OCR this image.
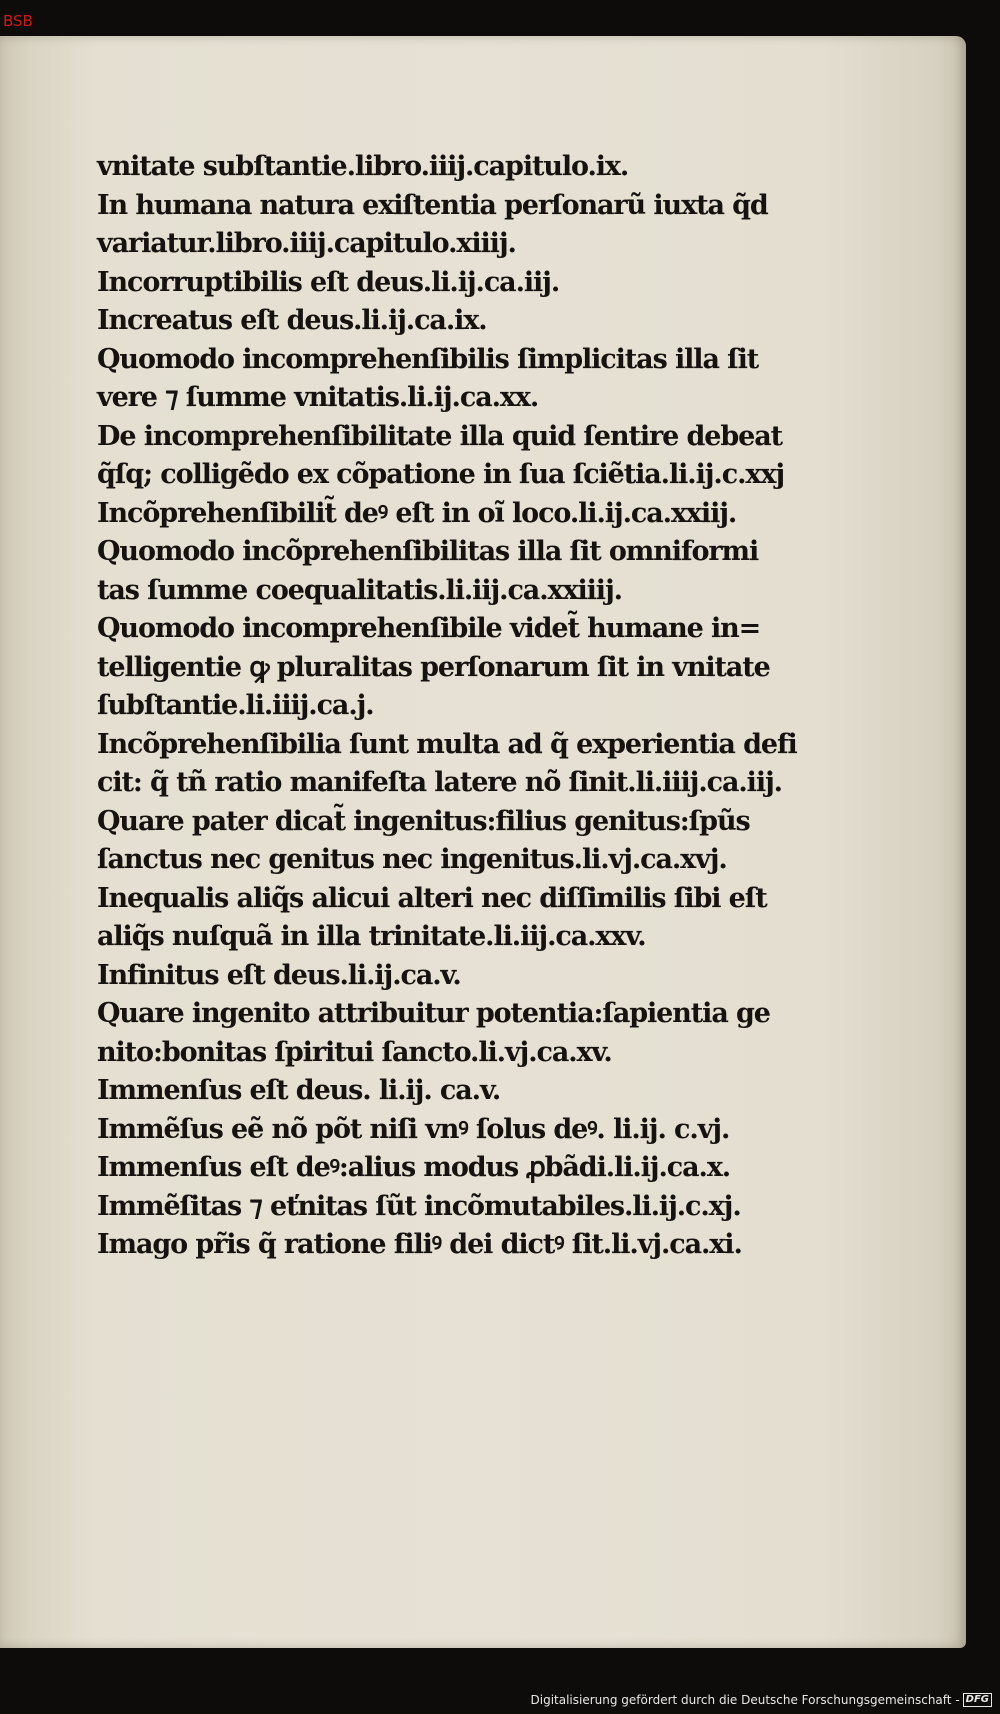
BSB
vnitate subſtantie.libro.iiij.capitulo.ix.
In humana natura exiſtentia perſonarũ iuxta q̃d
variatur.libro.iiij.capitulo.xiiij.
Incorruptibilis eſt deus.li.ij.ca.iij.
Increatus eſt deus.li.ij.ca.ix.
Quomodo incomprehenſibilis ſimplicitas illa ſit
vere ⁊ ſumme vnitatis.li.ij.ca.xx.
De incomprehenſibilitate illa quid ſentire debeat
q̃ſq; colligẽdo ex cõpatione in ſua ſciẽtia.li.ij.c.xxj
Incõprehenſibilit̃ deꝰ eſt in oĩ loco.li.ij.ca.xxiij.
Quomodo incõprehenſibilitas illa ſit omniformi
tas ſumme coequalitatis.li.iij.ca.xxiiij.
Quomodo incomprehenſibile videt̃ humane in=
telligentie ꝙ pluralitas perſonarum ſit in vnitate
ſubſtantie.li.iiij.ca.j.
Incõprehenſibilia ſunt multa ad q̃ experientia defi
cit: q̃ tñ ratio manifeſta latere nõ ſinit.li.iiij.ca.iij.
Quare pater dicat̃ ingenitus:filius genitus:ſpũs
ſanctus nec genitus nec ingenitus.li.vj.ca.xvj.
Inequalis aliq̃s alicui alteri nec diſſimilis ſibi eſt
aliq̃s nuſquã in illa trinitate.li.iij.ca.xxv.
Infinitus eſt deus.li.ij.ca.v.
Quare ingenito attribuitur potentia:ſapientia ge
nito:bonitas ſpiritui ſancto.li.vj.ca.xv.
Immenſus eſt deus. li.ij. ca.v.
Immẽſus eẽ nõ põt niſi vnꝰ ſolus deꝰ. li.ij. c.vj.
Immenſus eſt deꝰ:alius modus ꝓbãdi.li.ij.ca.x.
Immẽſitas ⁊ eťnitas ſũt incõmutabiles.li.ij.c.xj.
Imago pr̃is q̃ ratione filiꝰ dei dictꝰ ſit.li.vj.ca.xi.
Digitalisierung gefördert durch die Deutsche Forschungsgemeinschaft - DFG
